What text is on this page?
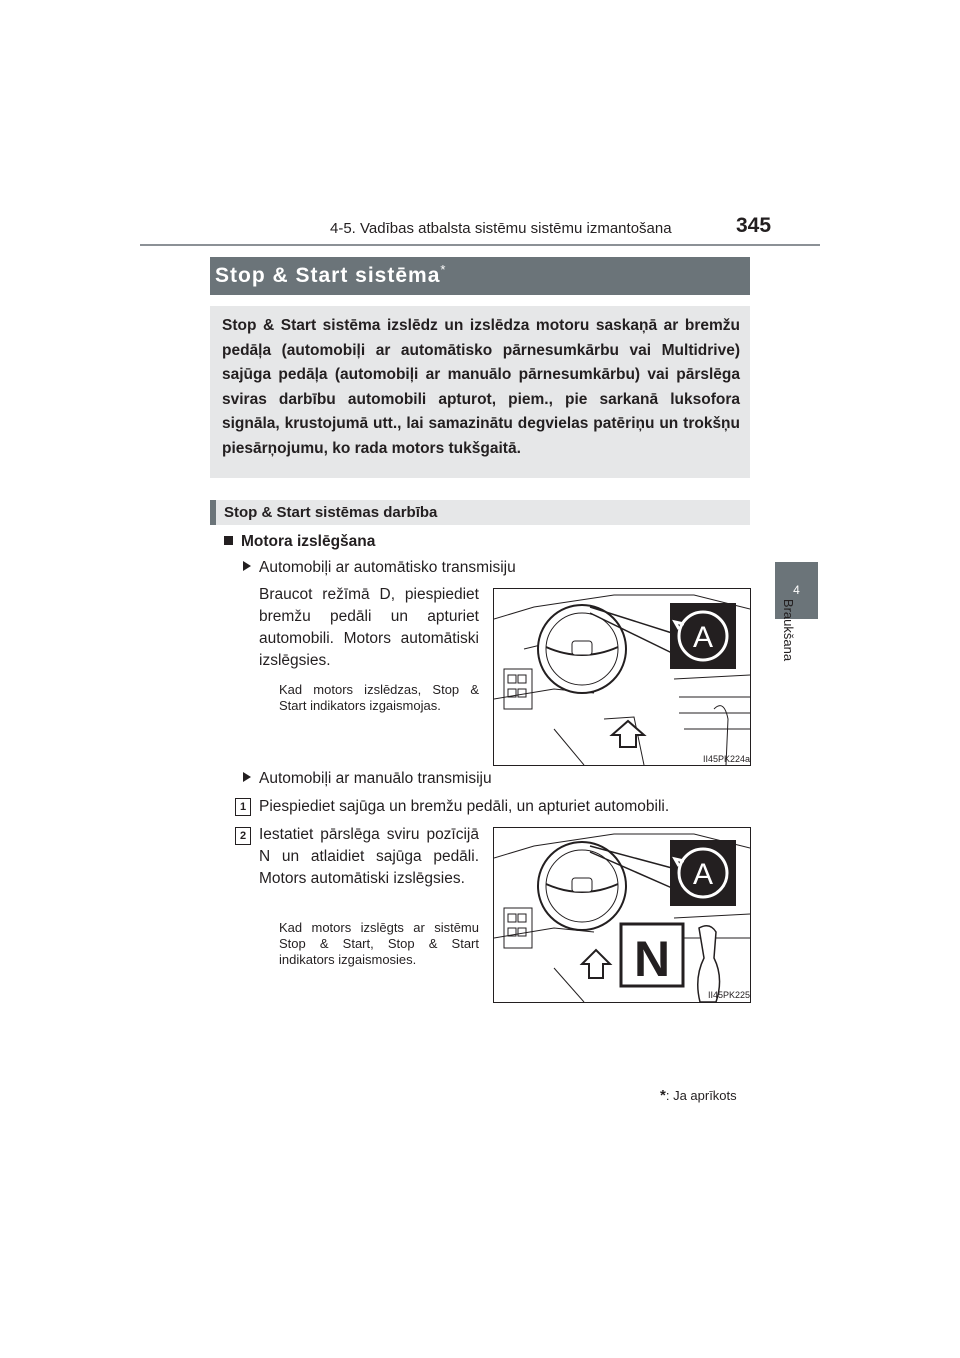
4-5. Vadības atbalsta sistēmu sistēmu izmantošana	345
4
Braukšana
Stop & Start sistēma*
Stop & Start sistēma izslēdz un izslēdza motoru saskaņā ar bremžu pedāļa (automobiļi ar automātisko pārnesumkārbu vai Multidrive) sajūga pedāļa (automobiļi ar manuālo pārnesumkārbu) vai pārslēga sviras darbību automobili apturot, piem., pie sarkanā luksofora signāla, krustojumā utt., lai samazinātu degvielas patēriņu un trokšņu piesārņojumu, ko rada motors tukšgaitā.
Stop & Start sistēmas darbība
Motora izslēgšana
Automobiļi ar automātisko transmisiju
Braucot režīmā D, piespiediet bremžu pedāli un apturiet automobili. Motors automātiski izslēgsies.
Kad motors izslēdzas, Stop & Start indikators izgaismojas.
A
II45PK224a
Automobiļi ar manuālo transmisiju
1 Piespiediet sajūga un bremžu pedāli, un apturiet automobili.
2 Iestatiet pārslēga sviru pozīcijā N un atlaidiet sajūga pedāli. Motors automātiski izslēgsies.
Kad motors izslēgts ar sistēmu Stop & Start, Stop & Start indikators izgaismosies.
A
N
II45PK225
*: Ja aprīkots
